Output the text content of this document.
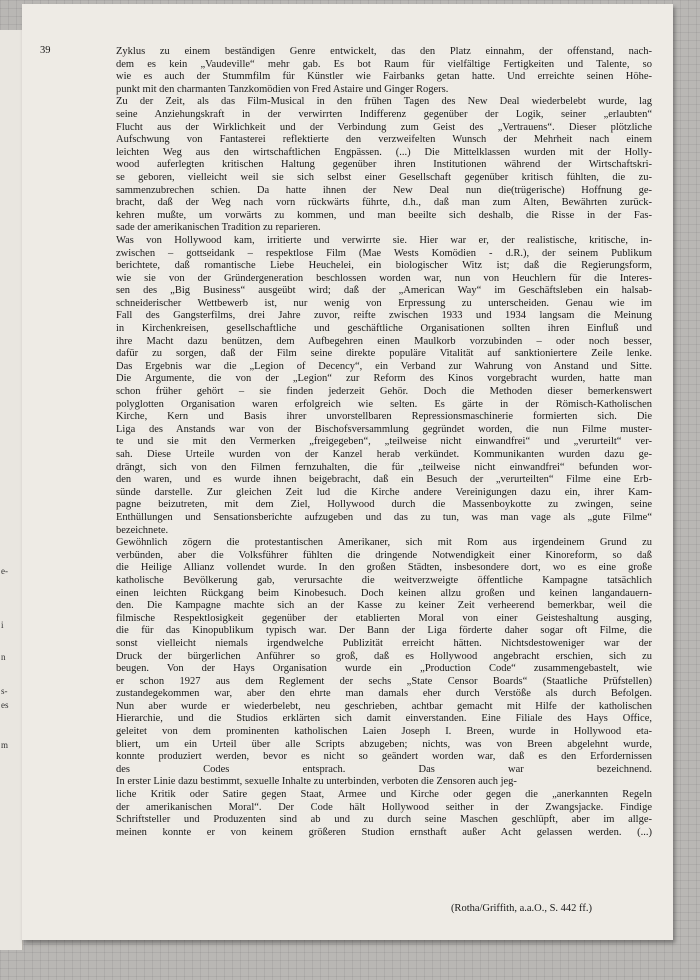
e-
i
n
s-
es
m
39	Zyklus zu einem beständigen Genre entwickelt, das den Platz einnahm, der offenstand, nach-
dem es kein „Vaudeville“ mehr gab. Es bot Raum für vielfältige Fertigkeiten und Talente, so
wie es auch der Stummfilm für Künstler wie Fairbanks getan hatte. Und erreichte seinen Höhe-
punkt mit den charmanten Tanzkomödien von Fred Astaire und Ginger Rogers.
Zu der Zeit, als das Film-Musical in den frühen Tagen des New Deal wiederbelebt wurde, lag
seine Anziehungskraft in der verwirrten Indifferenz gegenüber der Logik, seiner „erlaubten“
Flucht aus der Wirklichkeit und der Verbindung zum Geist des „Vertrauens“. Dieser plötzliche
Aufschwung von Fantasterei reflektierte den verzweifelten Wunsch der Mehrheit nach einem
leichten Weg aus den wirtschaftlichen Engpässen. (...) Die Mittelklassen wurden mit der Holly-
wood auferlegten kritischen Haltung gegenüber ihren Institutionen während der Wirtschaftskri-
se geboren, vielleicht weil sie sich selbst einer Gesellschaft gegenüber kritisch fühlten, die zu-
sammenzubrechen schien. Da hatte ihnen der New Deal nun die(trügerische) Hoffnung ge-
bracht, daß der Weg nach vorn rückwärts führte, d.h., daß man zum Alten, Bewährten zurück-
kehren mußte, um vorwärts zu kommen, und man beeilte sich deshalb, die Risse in der Fas-
sade der amerikanischen Tradition zu reparieren.
Was von Hollywood kam, irritierte und verwirrte sie. Hier war er, der realistische, kritische, in-
zwischen – gottseidank – respektlose Film (Mae Wests Komödien - d.R.), der seinem Publikum
berichtete, daß romantische Liebe Heuchelei, ein biologischer Witz ist; daß die Regierungsform,
wie sie von der Gründergeneration beschlossen worden war, nun von Heuchlern für die Interes-
sen des „Big Business“ ausgeübt wird; daß der „American Way“ im Geschäftsleben ein halsab-
schneiderischer Wettbewerb ist, nur wenig von Erpressung zu unterscheiden. Genau wie im
Fall des Gangsterfilms, drei Jahre zuvor, reifte zwischen 1933 und 1934 langsam die Meinung
in Kirchenkreisen, gesellschaftliche und geschäftliche Organisationen sollten ihren Einfluß und
ihre Macht dazu benützen, dem Aufbegehren einen Maulkorb vorzubinden – oder noch besser,
dafür zu sorgen, daß der Film seine direkte populäre Vitalität auf sanktioniertere Zeile lenke.
Das Ergebnis war die „Legion of Decency“, ein Verband zur Wahrung von Anstand und Sitte.
Die Argumente, die von der „Legion“ zur Reform des Kinos vorgebracht wurden, hatte man
schon früher gehört – sie finden jederzeit Gehör. Doch die Methoden dieser bemerkenswert
polyglotten Organisation waren erfolgreich wie selten. Es gärte in der Römisch-Katholischen
Kirche, Kern und Basis ihrer unvorstellbaren Repressionsmaschinerie formierten sich. Die
Liga des Anstands war von der Bischofsversammlung gegründet worden, die nun Filme muster-
te und sie mit den Vermerken „freigegeben“, „teilweise nicht einwandfrei“ und „verurteilt“ ver-
sah. Diese Urteile wurden von der Kanzel herab verkündet. Kommunikanten wurden dazu ge-
drängt, sich von den Filmen fernzuhalten, die für „teilweise nicht einwandfrei“ befunden wor-
den waren, und es wurde ihnen beigebracht, daß ein Besuch der „verurteilten“ Filme eine Erb-
sünde darstelle. Zur gleichen Zeit lud die Kirche andere Vereinigungen dazu ein, ihrer Kam-
pagne beizutreten, mit dem Ziel, Hollywood durch die Massenboykotte zu zwingen, seine
Enthüllungen und Sensationsberichte aufzugeben und das zu tun, was man vage als „gute Filme“
bezeichnete.
Gewöhnlich zögern die protestantischen Amerikaner, sich mit Rom aus irgendeinem Grund zu
verbünden, aber die Volksführer fühlten die dringende Notwendigkeit einer Kinoreform, so daß
die Heilige Allianz vollendet wurde. In den großen Städten, insbesondere dort, wo es eine große
katholische Bevölkerung gab, verursachte die weitverzweigte öffentliche Kampagne tatsächlich
einen leichten Rückgang beim Kinobesuch. Doch keinen allzu großen und keinen langandauern-
den. Die Kampagne machte sich an der Kasse zu keiner Zeit verheerend bemerkbar, weil die
filmische Respektlosigkeit gegenüber der etablierten Moral von einer Geisteshaltung ausging,
die für das Kinopublikum typisch war. Der Bann der Liga förderte daher sogar oft Filme, die
sonst vielleicht niemals irgendwelche Publizität erreicht hätten. Nichtsdestoweniger war der
Druck der bürgerlichen Anführer so groß, daß es Hollywood angebracht erschien, sich zu
beugen. Von der Hays Organisation wurde ein „Production Code“ zusammengebastelt, wie
er schon 1927 aus dem Reglement der sechs „State Censor Boards“ (Staatliche Prüfstellen)
zustandegekommen war, aber den ehrte man damals eher durch Verstöße als durch Befolgen.
Nun aber wurde er wiederbelebt, neu geschrieben, achtbar gemacht mit Hilfe der katholischen
Hierarchie, und die Studios erklärten sich damit einverstanden. Eine Filiale des Hays Office,
geleitet von dem prominenten katholischen Laien Joseph I. Breen, wurde in Hollywood eta-
bliert, um ein Urteil über alle Scripts abzugeben; nichts, was von Breen abgelehnt wurde,
konnte produziert werden, bevor es nicht so geändert worden war, daß es den Erfordernissen
des Codes entsprach. Das war bezeichnend.
In erster Linie dazu bestimmt, sexuelle Inhalte zu unterbinden, verboten die Zensoren auch jeg-
liche Kritik oder Satire gegen Staat, Armee und Kirche oder gegen die „anerkannten Regeln
der amerikanischen Moral“. Der Code hält Hollywood seither in der Zwangsjacke. Findige
Schriftsteller und Produzenten sind ab und zu durch seine Maschen geschlüpft, aber im allge-
meinen konnte er von keinem größeren Studion ernsthaft außer Acht gelassen werden. (...)
(Rotha/Griffith, a.a.O., S. 442 ff.)
